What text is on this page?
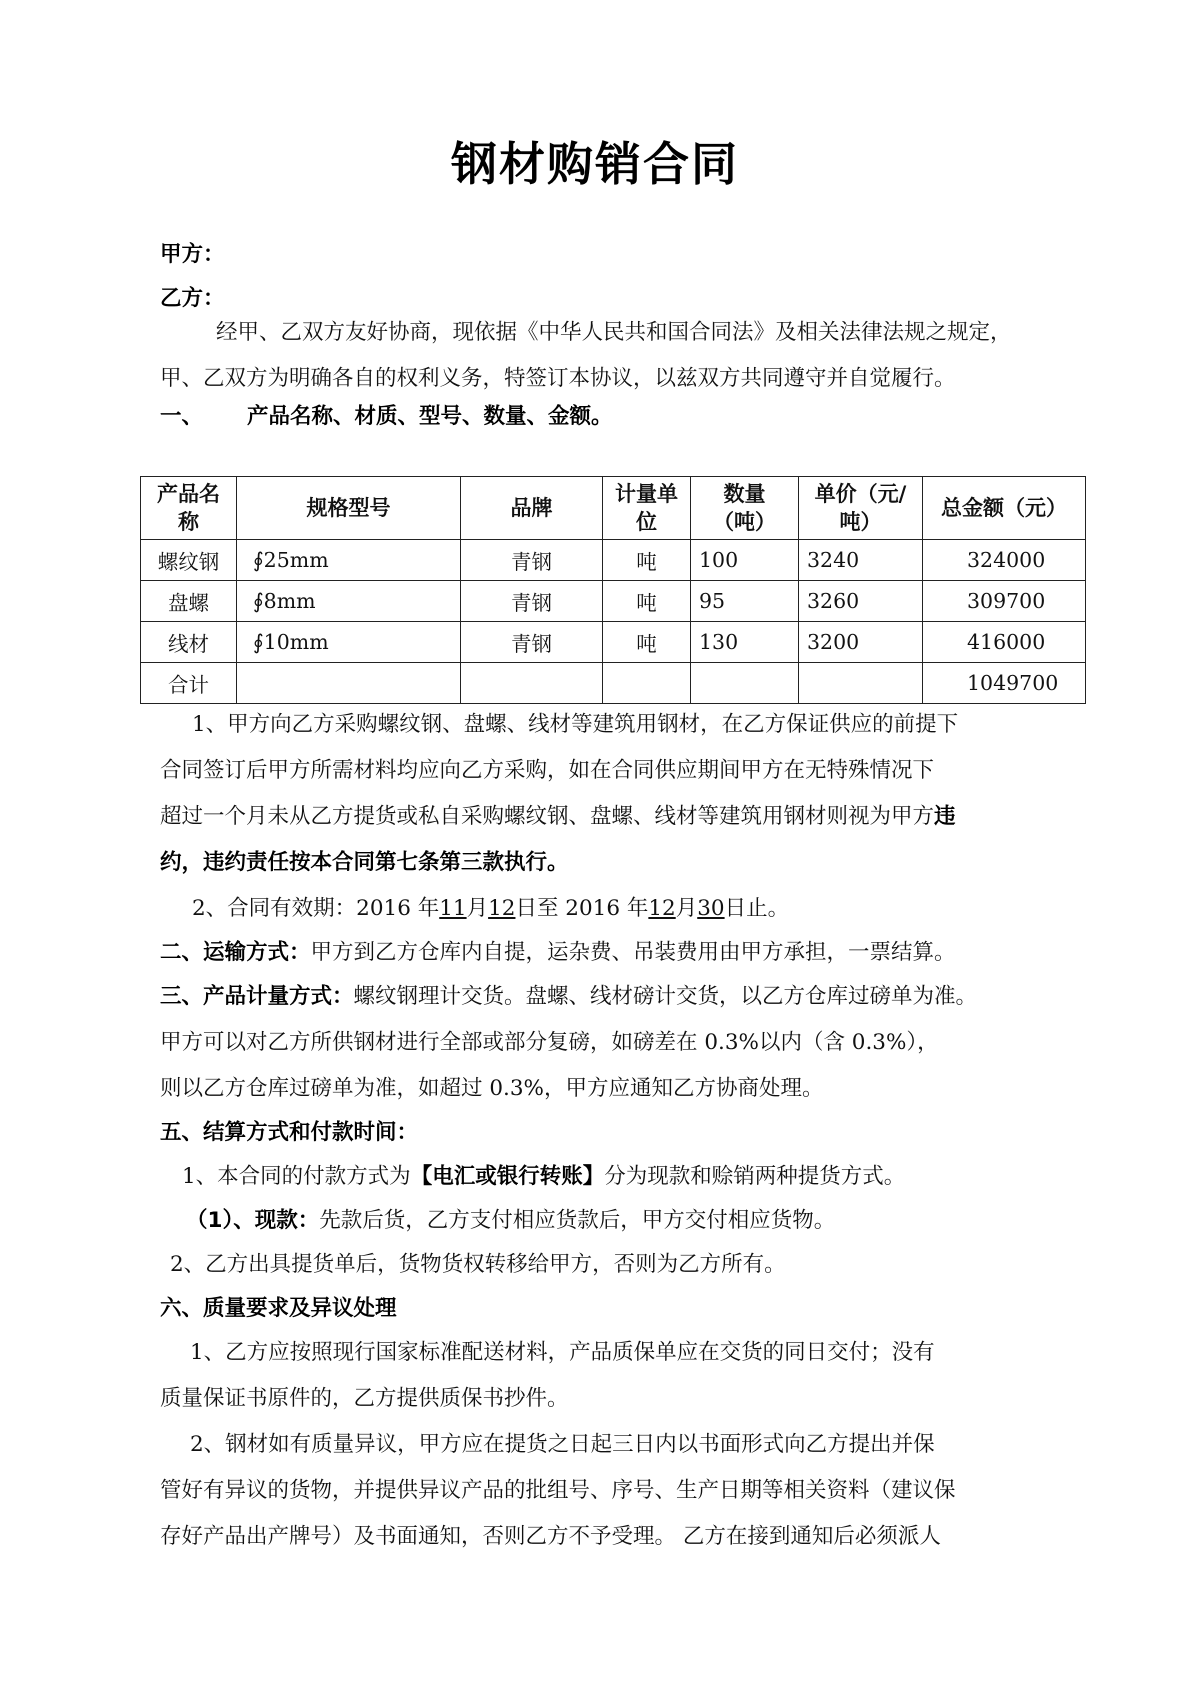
钢材购销合同
甲方：
乙方：
经甲、乙双方友好协商，现依据《中华人民共和国合同法》及相关法律法规之规定，
甲、乙双方为明确各自的权利义务，特签订本协议，以兹双方共同遵守并自觉履行。
一、 产品名称、材质、型号、数量、金额。
产品名称	规格型号	品牌	计量单位	数量（吨）	单价（元/吨）	总金额（元）
螺纹钢	∮25mm	青钢	吨	100	3240	324000
盘螺	∮8mm	青钢	吨	95	3260	309700
线材	∮10mm	青钢	吨	130	3200	416000
合计						1049700
1、甲方向乙方采购螺纹钢、盘螺、线材等建筑用钢材，在乙方保证供应的前提下
合同签订后甲方所需材料均应向乙方采购，如在合同供应期间甲方在无特殊情况下
超过一个月未从乙方提货或私自采购螺纹钢、盘螺、线材等建筑用钢材则视为甲方违
约，违约责任按本合同第七条第三款执行。
2、合同有效期：2016 年11月12日至 2016 年12月30日止。
二、运输方式：甲方到乙方仓库内自提，运杂费、吊装费用由甲方承担，一票结算。
三、产品计量方式：螺纹钢理计交货。盘螺、线材磅计交货，以乙方仓库过磅单为准。
甲方可以对乙方所供钢材进行全部或部分复磅，如磅差在 0.3%以内（含 0.3%），
则以乙方仓库过磅单为准，如超过 0.3%，甲方应通知乙方协商处理。
五、结算方式和付款时间：
1、本合同的付款方式为【电汇或银行转账】分为现款和赊销两种提货方式。
（1）、现款：先款后货，乙方支付相应货款后，甲方交付相应货物。
2、乙方出具提货单后，货物货权转移给甲方，否则为乙方所有。
六、质量要求及异议处理
1、乙方应按照现行国家标准配送材料，产品质保单应在交货的同日交付；没有
质量保证书原件的，乙方提供质保书抄件。
2、钢材如有质量异议，甲方应在提货之日起三日内以书面形式向乙方提出并保
管好有异议的货物，并提供异议产品的批组号、序号、生产日期等相关资料（建议保
存好产品出产牌号）及书面通知，否则乙方不予受理。 乙方在接到通知后必须派人
